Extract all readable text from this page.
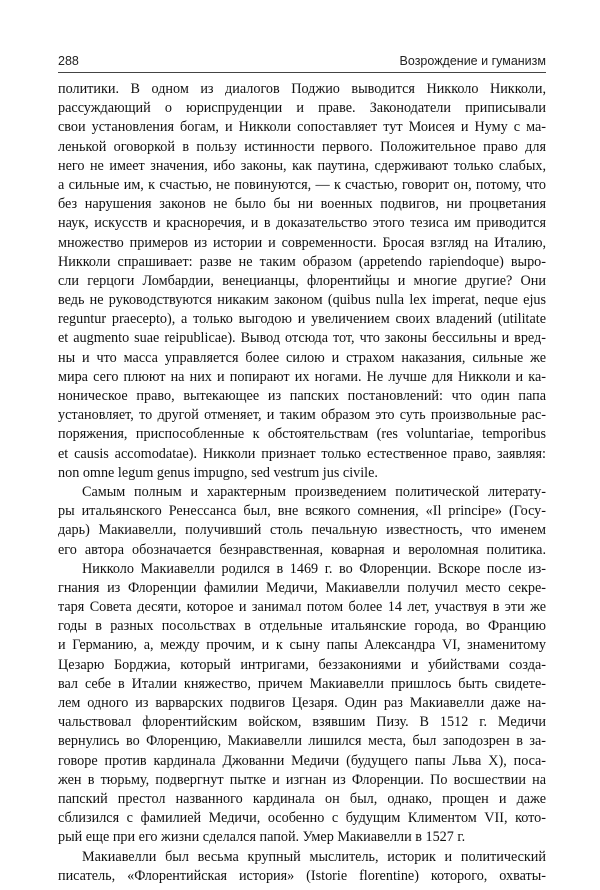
288	Возрождение и гуманизм
политики. В одном из диалогов Поджио выводится Никколо Никколи,
рассуждающий о юриспруденции и праве. Законодатели приписывали
свои установления богам, и Никколи сопоставляет тут Моисея и Нуму с ма-
ленькой оговоркой в пользу истинности первого. Положительное право для
него не имеет значения, ибо законы, как паутина, сдерживают только слабых,
а сильные им, к счастью, не повинуются, — к счастью, говорит он, потому, что
без нарушения законов не было бы ни военных подвигов, ни процветания
наук, искусств и красноречия, и в доказательство этого тезиса им приводится
множество примеров из истории и современности. Бросая взгляд на Италию,
Никколи спрашивает: разве не таким образом (appetendo rapiendoque) выро-
сли герцоги Ломбардии, венецианцы, флорентийцы и многие другие? Они
ведь не руководствуются никаким законом (quibus nulla lex imperat, neque ejus
reguntur praecepto), а только выгодою и увеличением своих владений (utilitate
et augmento suae reipublicae). Вывод отсюда тот, что законы бессильны и вред-
ны и что масса управляется более силою и страхом наказания, сильные же
мира сего плюют на них и попирают их ногами. Не лучше для Никколи и ка-
ноническое право, вытекающее из папских постановлений: что один папа
установляет, то другой отменяет, и таким образом это суть произвольные рас-
поряжения, приспособленные к обстоятельствам (res voluntariae, temporibus
et causis accomodatae). Никколи признает только естественное право, заявляя:
non omne legum genus impugno, sed vestrum jus civile.
Самым полным и характерным произведением политической литерату-
ры итальянского Ренессанса был, вне всякого сомнения, «Il principe» (Госу-
дарь) Макиавелли, получивший столь печальную известность, что именем
его автора обозначается безнравственная, коварная и вероломная политика.
Никколо Макиавелли родился в 1469 г. во Флоренции. Вскоре после из-
гнания из Флоренции фамилии Медичи, Макиавелли получил место секре-
таря Совета десяти, которое и занимал потом более 14 лет, участвуя в эти же
годы в разных посольствах в отдельные итальянские города, во Францию
и Германию, а, между прочим, и к сыну папы Александра VI, знаменитому
Цезарю Борджиа, который интригами, беззакониями и убийствами созда-
вал себе в Италии княжество, причем Макиавелли пришлось быть свидете-
лем одного из варварских подвигов Цезаря. Один раз Макиавелли даже на-
чальствовал флорентийским войском, взявшим Пизу. В 1512 г. Медичи
вернулись во Флоренцию, Макиавелли лишился места, был заподозрен в за-
говоре против кардинала Джованни Медичи (будущего папы Льва X), посa-
жен в тюрьму, подвергнут пытке и изгнан из Флоренции. По восшествии на
папский престол названного кардинала он был, однако, прощен и даже
сблизился с фамилией Медичи, особенно с будущим Климентом VII, кото-
рый еще при его жизни сделался папой. Умер Макиавелли в 1527 г.
Макиавелли был весьма крупный мыслитель, историк и политический
писатель, «Флорентийская история» (Istorie florentine) которого, охваты-
